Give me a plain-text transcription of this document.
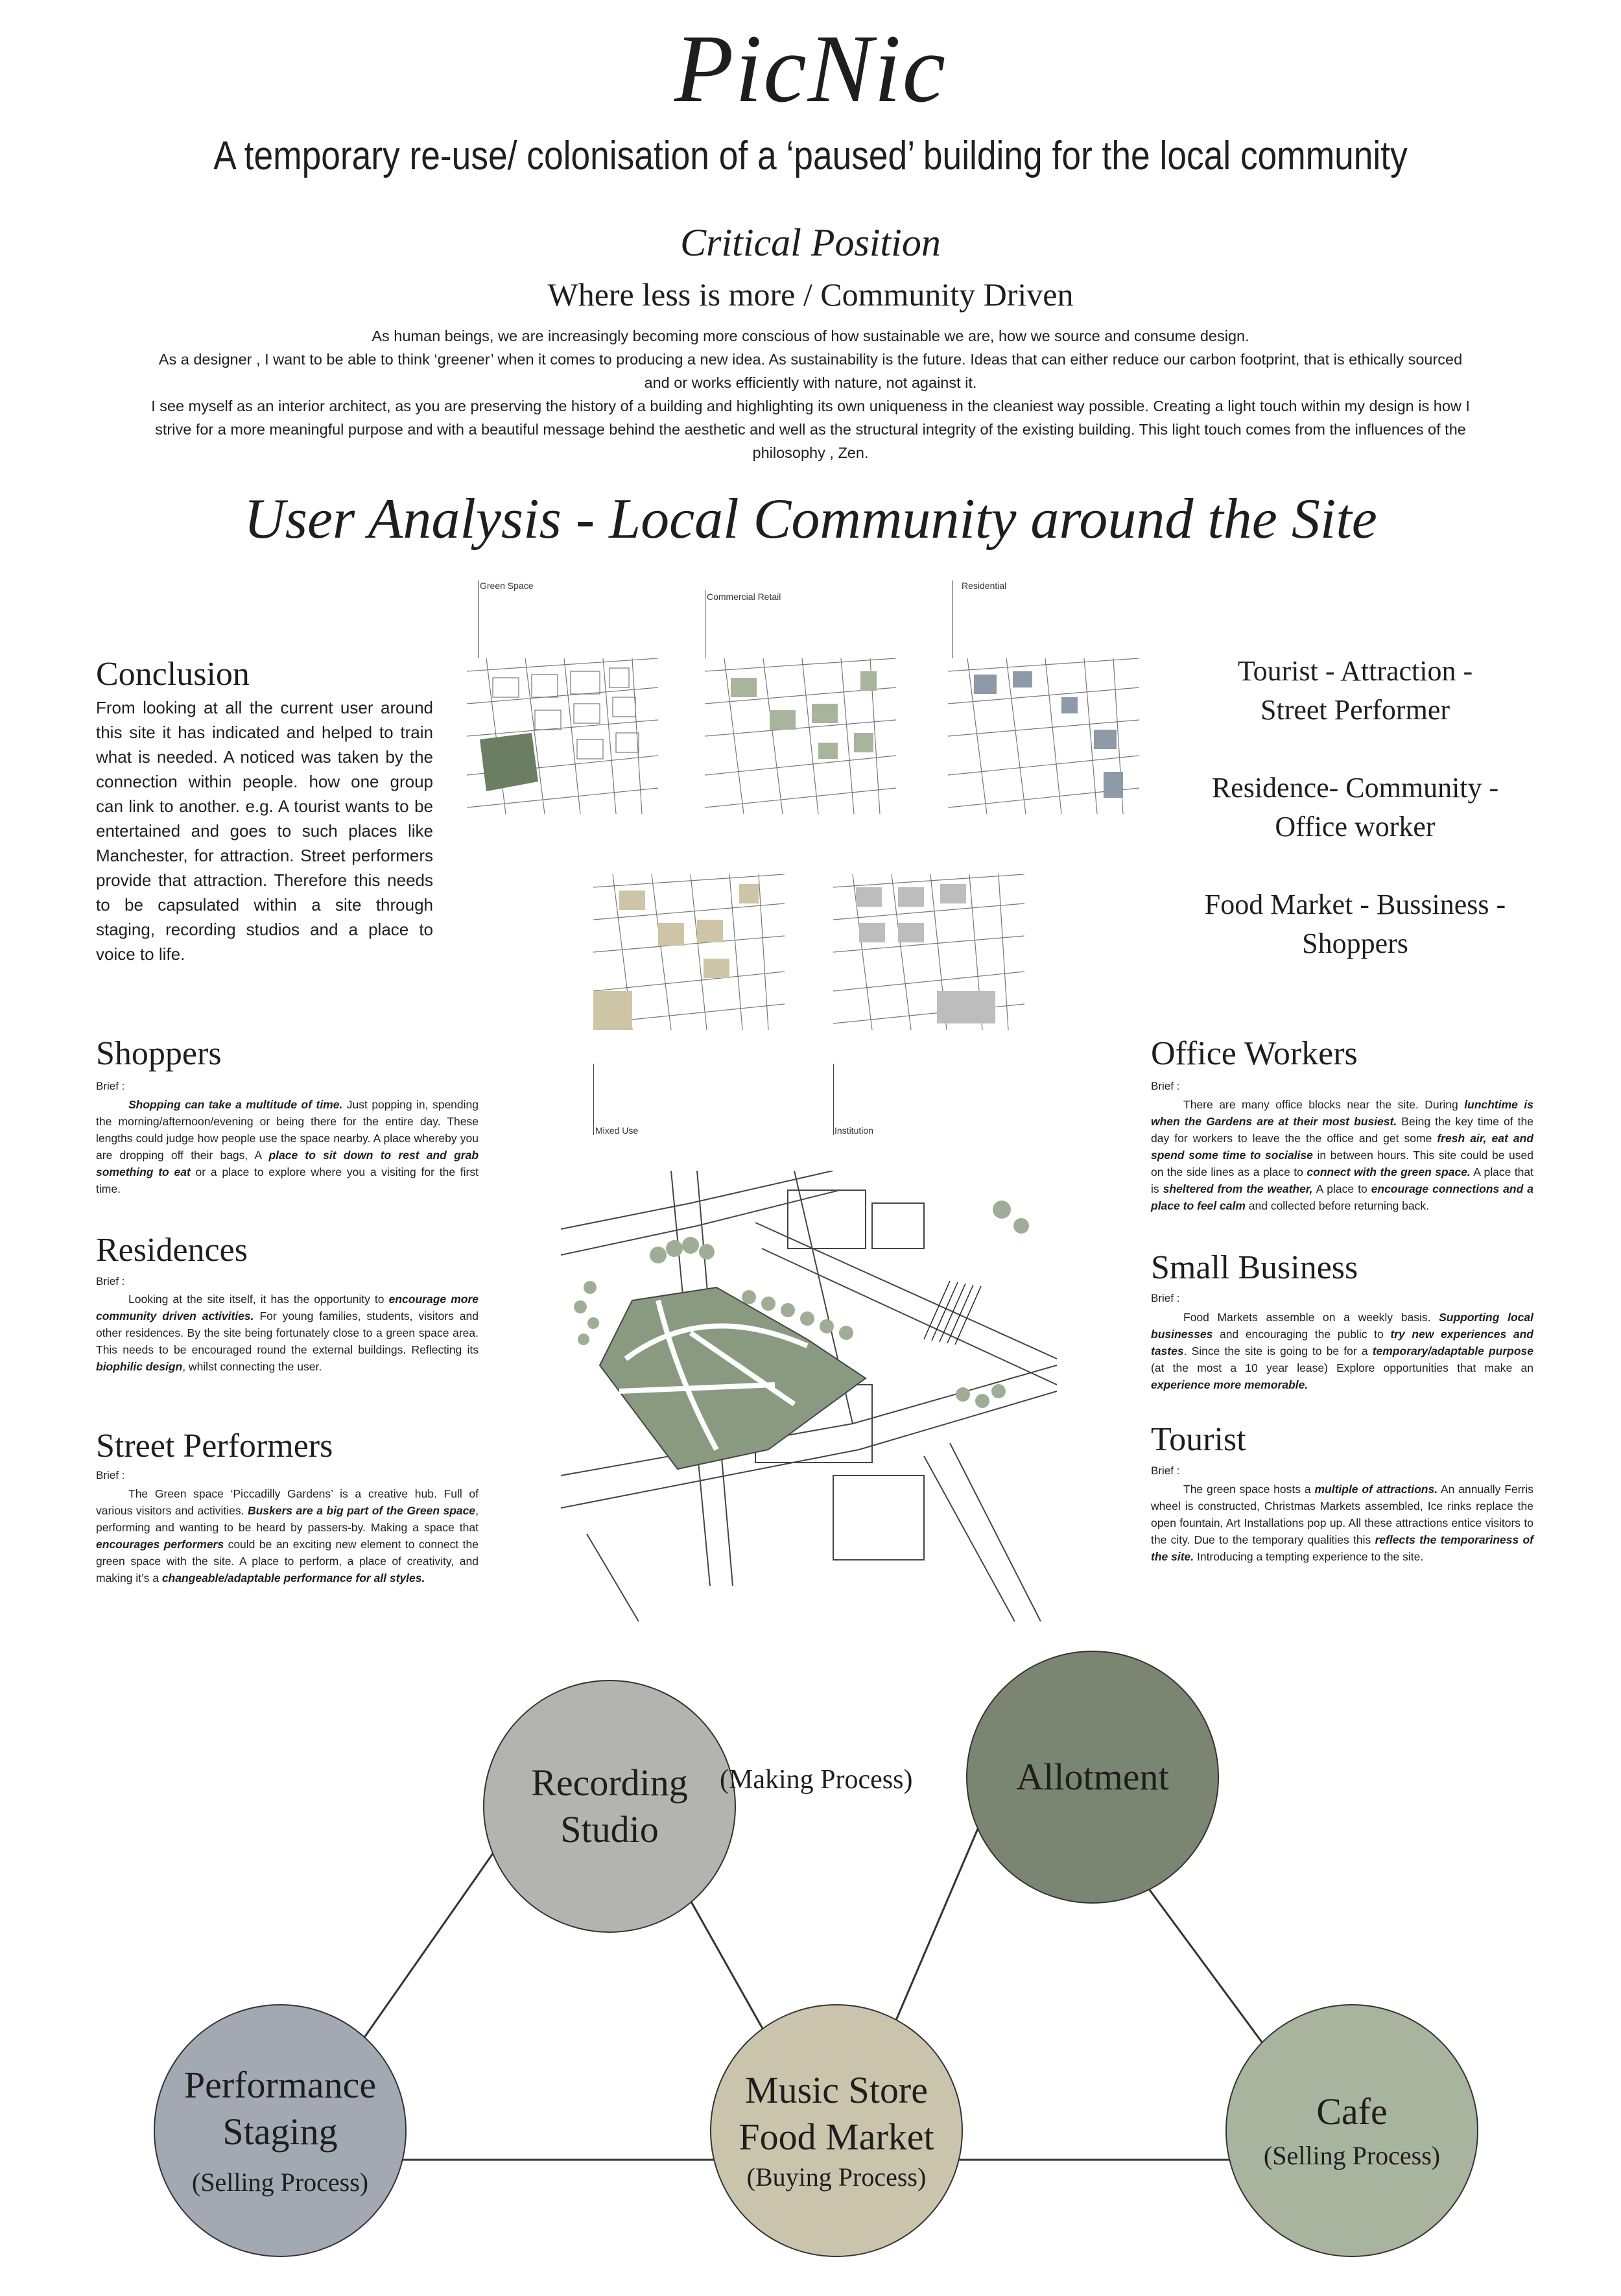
PicNic
A temporary re-use/ colonisation of a ‘paused’ building for the local community
Critical Position
Where less is more / Community Driven

As human beings, we are increasingly becoming more conscious of how sustainable we are, how we source and consume design.

As a designer , I want to be able to think ‘greener’ when it comes to producing a new idea. As sustainability is the future. Ideas that can either reduce our carbon footprint, that is ethically sourced and or works efficiently with nature, not against it.

I see myself as an interior architect, as you are preserving the history of a building and highlighting its own uniqueness in the cleaniest way possible. Creating a light touch within my design is how I strive for a more meaningful purpose and with a beautiful message behind the aesthetic and well as the structural integrity of the existing building. This light touch comes from the influences of the philosophy , Zen.

User Analysis - Local Community around the Site
Green Space
Commercial Retail
Residential
Mixed Use	Institution
Conclusion
From looking at all the current user around this site it has indicated and helped to train what is needed. A noticed was taken by the connection within people. how one group can link to another. e.g. A tourist wants to be entertained and goes to such places like Manchester, for attraction. Street performers provide that attraction. Therefore this needs to be capsulated within a site through staging, recording studios and a place to voice to life.
Shoppers
Brief :
Shopping can take a multitude of time. Just popping in, spending the morning/afternoon/evening or being there for the entire day. These lengths could judge how people use the space nearby. A place whereby you are dropping off their bags, A place to sit down to rest and grab something to eat or a place to explore where you a visiting for the first time.
Residences
Brief :
Looking at the site itself, it has the opportunity to encourage more community driven activities. For young families, students, visitors and other residences. By the site being fortunately close to a green space area. This needs to be encouraged round the external buildings. Reflecting its biophilic design, whilst connecting the user.
Street Performers
Brief :
The Green space ‘Piccadilly Gardens’ is a creative hub. Full of various visitors and activities. Buskers are a big part of the Green space, performing and wanting to be heard by passers-by. Making a space that encourages performers could be an exciting new element to connect the green space with the site. A place to perform, a place of creativity, and making it’s a changeable/adaptable performance for all styles.
Tourist - Attraction -
Street Performer
Residence- Community -
Office worker
Food Market - Bussiness -
Shoppers
Office Workers
Brief :
There are many office blocks near the site. During lunchtime is when the Gardens are at their most busiest. Being the key time of the day for workers to leave the the office and get some fresh air, eat and spend some time to socialise in between hours. This site could be used on the side lines as a place to connect with the green space. A place that is sheltered from the weather, A place to encourage connections and a place to feel calm and collected before returning back.
Small Business
Brief :
Food Markets assemble on a weekly basis. Supporting local businesses and encouraging the public to try new experiences and tastes. Since the site is going to be for a temporary/adaptable purpose (at the most a 10 year lease) Explore opportunities that make an experience more memorable.
Tourist
Brief :
The green space hosts a multiple of attractions. An annually Ferris wheel is constructed, Christmas Markets assembled, Ice rinks replace the open fountain, Art Installations pop up. All these attractions entice visitors to the city. Due to the temporary qualities this reflects the temporariness of the site. Introducing a tempting experience to the site.
Recording
Studio
(Making Process)	Allotment
Performance
Staging
(Selling Process)
Music Store
Food Market
(Buying Process)
Cafe
(Selling Process)
